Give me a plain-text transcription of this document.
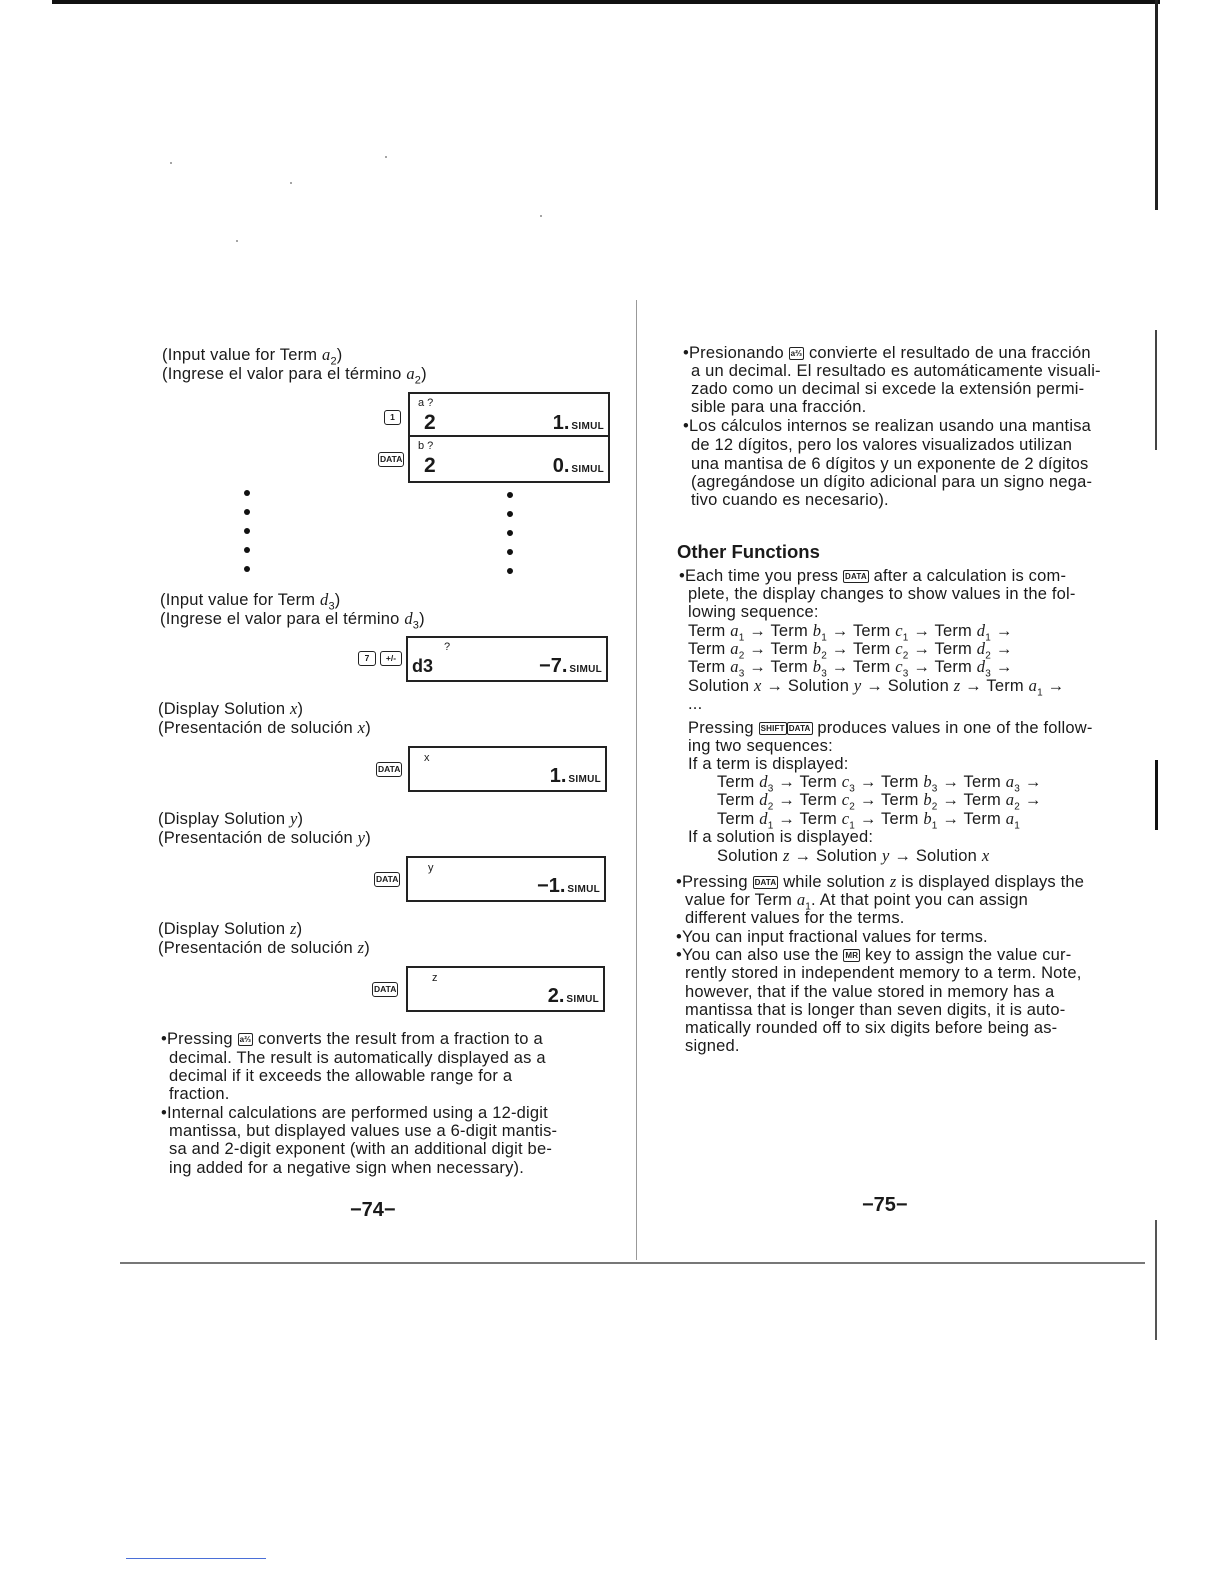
(Input value for Term $a_2$)
(Ingrese el valor para el término $a_2$)
1
a ?
2	1. SIMUL
DATA
b ?
2	0. SIMUL
(Input value for Term $d_3$)
(Ingrese el valor para el término $d_3$)
7	+/-
?
d3	−7. SIMUL
(Display Solution x)
(Presentación de solución x)
DATA
x
1. SIMUL
(Display Solution y)
(Presentación de solución y)
DATA
y
−1. SIMUL
(Display Solution z)
(Presentación de solución z)
DATA
z
2. SIMUL
•Pressing a⅔ converts the result from a fraction to a
decimal. The result is automatically displayed as a
decimal if it exceeds the allowable range for a
fraction.
•Internal calculations are performed using a 12-digit
mantissa, but displayed values use a 6-digit mantis-
sa and 2-digit exponent (with an additional digit be-
ing added for a negative sign when necessary).
−74−
•Presionando a⅔ convierte el resultado de una fracción
a un decimal. El resultado es automáticamente visuali-
zado como un decimal si excede la extensión permi-
sible para una fracción.
•Los cálculos internos se realizan usando una mantisa
de 12 dígitos, pero los valores visualizados utilizan
una mantisa de 6 dígitos y un exponente de 2 dígitos
(agregándose un dígito adicional para un signo nega-
tivo cuando es necesario).
Other Functions
•Each time you press DATA after a calculation is com-
plete, the display changes to show values in the fol-
lowing sequence:
Term $a_1$ → Term $b_1$ → Term $c_1$ → Term $d_1$ →
Term $a_2$ → Term $b_2$ → Term $c_2$ → Term $d_2$ →
Term $a_3$ → Term $b_3$ → Term $c_3$ → Term $d_3$ →
Solution x → Solution y → Solution z → Term $a_1$ →
...
Pressing SHIFT DATA produces values in one of the follow-
ing two sequences:
If a term is displayed:
Term $d_3$ → Term $c_3$ → Term $b_3$ → Term $a_3$ →
Term $d_2$ → Term $c_2$ → Term $b_2$ → Term $a_2$ →
Term $d_1$ → Term $c_1$ → Term $b_1$ → Term $a_1$
If a solution is displayed:
Solution z → Solution y → Solution x
•Pressing DATA while solution z is displayed displays the
value for Term $a_1$. At that point you can assign
different values for the terms.
•You can input fractional values for terms.
•You can also use the MR key to assign the value cur-
rently stored in independent memory to a term. Note,
however, that if the value stored in memory has a
mantissa that is longer than seven digits, it is auto-
matically rounded off to six digits before being as-
signed.
−75−
